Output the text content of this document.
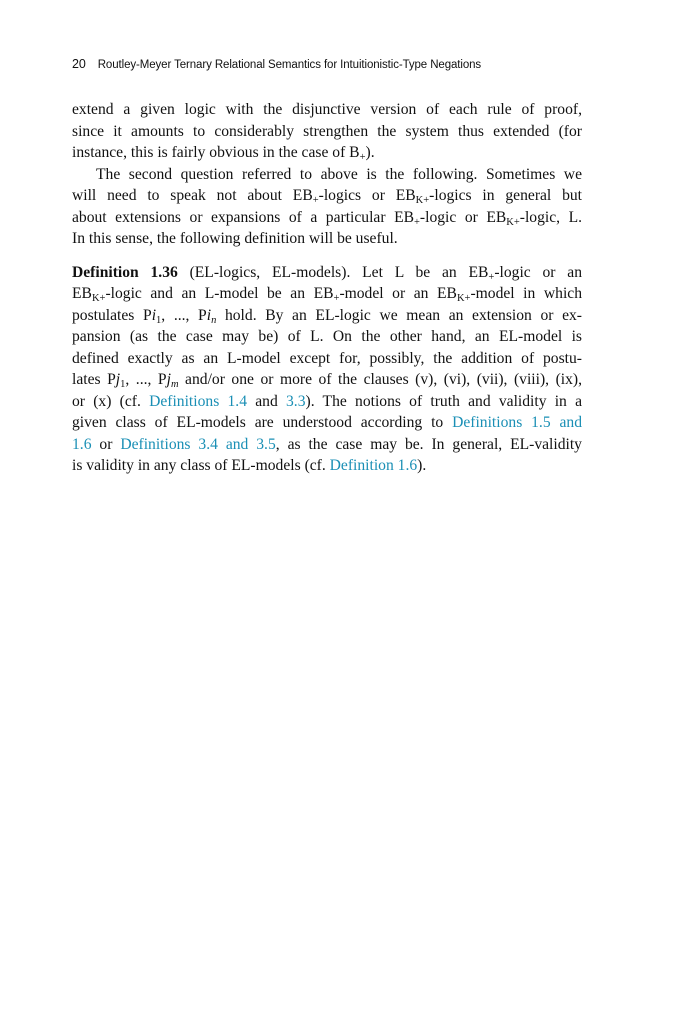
20 Routley-Meyer Ternary Relational Semantics for Intuitionistic-Type Negations
extend a given logic with the disjunctive version of each rule of proof,
since it amounts to considerably strengthen the system thus extended (for
instance, this is fairly obvious in the case of $B_+$).
The second question referred to above is the following. Sometimes we
will need to speak not about $EB_+$-logics or $EB_{K+}$-logics in general but
about extensions or expansions of a particular $EB_+$-logic or $EB_{K+}$-logic, L.
In this sense, the following definition will be useful.
Definition 1.36 (EL-logics, EL-models). Let L be an $EB_+$-logic or an
$EB_{K+}$-logic and an L-model be an $EB_+$-model or an $EB_{K+}$-model in which
postulates $Pi_1$, ..., $Pi_n$ hold. By an EL-logic we mean an extension or ex-
pansion (as the case may be) of L. On the other hand, an EL-model is
defined exactly as an L-model except for, possibly, the addition of postu-
lates $Pj_1$, ..., $Pj_m$ and/or one or more of the clauses (v), (vi), (vii), (viii), (ix),
or (x) (cf. Definitions 1.4 and 3.3). The notions of truth and validity in a
given class of EL-models are understood according to Definitions 1.5 and
1.6 or Definitions 3.4 and 3.5, as the case may be. In general, EL-validity
is validity in any class of EL-models (cf. Definition 1.6).
